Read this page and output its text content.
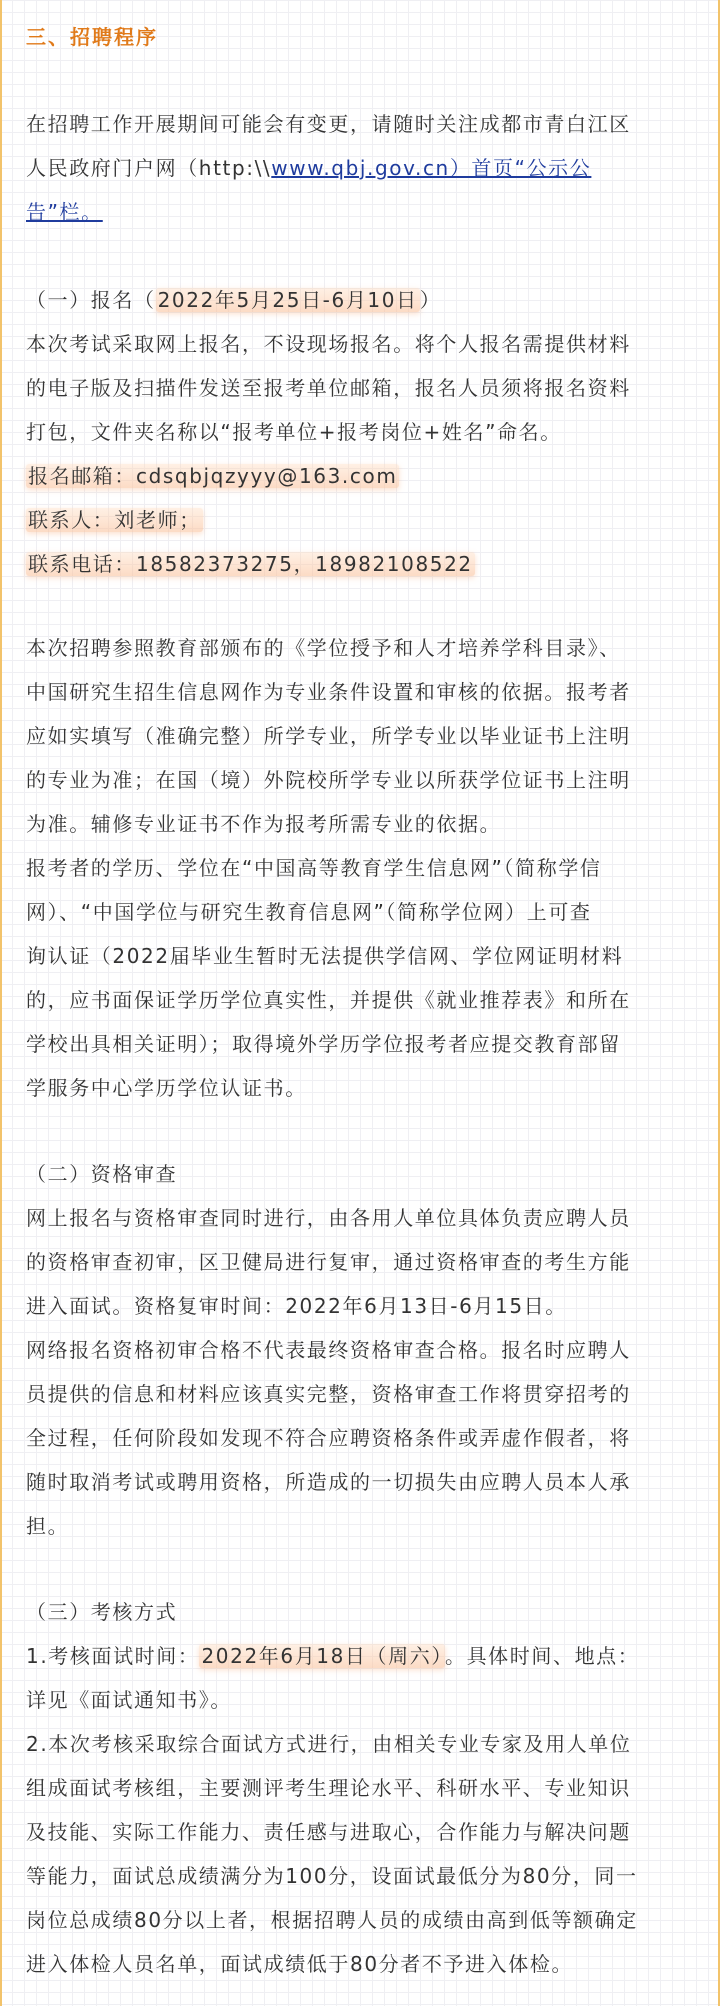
三、招聘程序
在招聘工作开展期间可能会有变更，请随时关注成都市青白江区
人民政府门户网（http:\\www.qbj.gov.cn）首页“公示公
告”栏。
（一）报名（ 2022年5月25日-6月10日 ）
本次考试采取网上报名，不设现场报名。将个人报名需提供材料
的电子版及扫描件发送至报考单位邮箱，报名人员须将报名资料
打包，文件夹名称以“报考单位+报考岗位+姓名”命名。
报名邮箱：cdsqbjqzyyy@163.com
联系人：刘老师；
联系电话：18582373275，18982108522
本次招聘参照教育部颁布的《学位授予和人才培养学科目录》、
中国研究生招生信息网作为专业条件设置和审核的依据。报考者
应如实填写（准确完整）所学专业，所学专业以毕业证书上注明
的专业为准；在国（境）外院校所学专业以所获学位证书上注明
为准。辅修专业证书不作为报考所需专业的依据。
报考者的学历、学位在“中国高等教育学生信息网”（简称学信
网）、“中国学位与研究生教育信息网”（简称学位网）上可查
询认证（2022届毕业生暂时无法提供学信网、学位网证明材料
的，应书面保证学历学位真实性，并提供《就业推荐表》和所在
学校出具相关证明）；取得境外学历学位报考者应提交教育部留
学服务中心学历学位认证书。
（二）资格审查
网上报名与资格审查同时进行，由各用人单位具体负责应聘人员
的资格审查初审，区卫健局进行复审，通过资格审查的考生方能
进入面试。资格复审时间：2022年6月13日-6月15日。
网络报名资格初审合格不代表最终资格审查合格。报名时应聘人
员提供的信息和材料应该真实完整，资格审查工作将贯穿招考的
全过程，任何阶段如发现不符合应聘资格条件或弄虚作假者，将
随时取消考试或聘用资格，所造成的一切损失由应聘人员本人承
担。
（三）考核方式
1.考核面试时间： 2022年6月18日（周六） 。具体时间、地点：
详见《面试通知书》。
2.本次考核采取综合面试方式进行，由相关专业专家及用人单位
组成面试考核组，主要测评考生理论水平、科研水平、专业知识
及技能、实际工作能力、责任感与进取心，合作能力与解决问题
等能力，面试总成绩满分为100分，设面试最低分为80分，同一
岗位总成绩80分以上者，根据招聘人员的成绩由高到低等额确定
进入体检人员名单，面试成绩低于80分者不予进入体检。
